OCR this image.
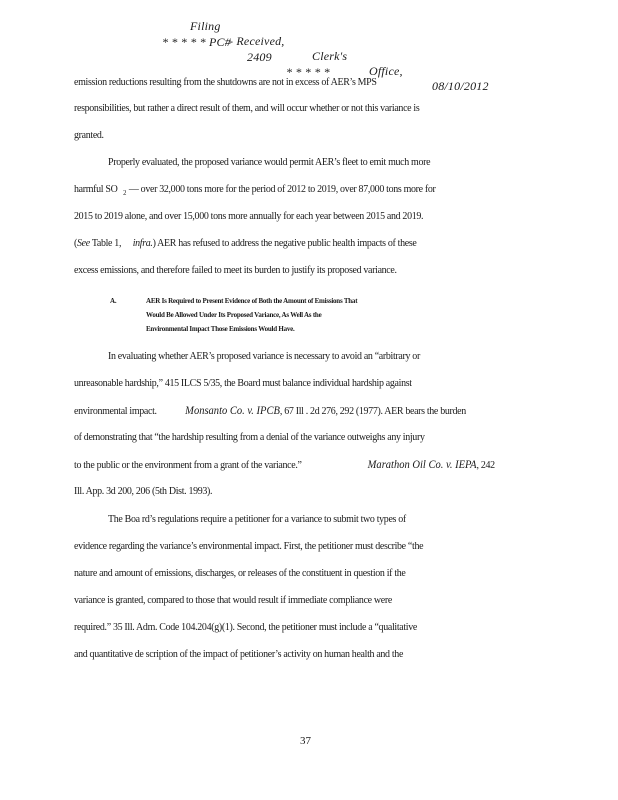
Filing

- Received,

Clerk's

Office,

08/10/2012

* * * * * PC#

2409

* * * * *

emission reductions resulting from the shutdowns are not in excess of AER’s MPS
responsibilities, but rather a direct result of them, and will occur whether or not this variance is
granted.
Properly evaluated, the proposed variance would permit AER’s fleet to emit much more
harmful SO $_2$ — over 32,000 tons more for the period of 2012 to 2019, over 87,000 tons more for
2015 to 2019 alone, and over 15,000 tons more annually for each year between 2015 and 2019.
(See Table 1, infra.) AER has refused to address the negative public health impacts of these
excess emissions, and therefore failed to meet its burden to justify its proposed variance.
A.	AER Is Required to Present Evidence of Both the Amount of Emissions That
Would Be Allowed Under Its Proposed Variance, As Well As the
Environmental Impact Those Emissions Would Have.
In evaluating whether AER’s proposed variance is necessary to avoid an “arbitrary or
unreasonable hardship,” 415 ILCS 5/35, the Board must balance individual hardship against
environmental impact.	Monsanto Co. v. IPCB, 67 Ill . 2d 276, 292 (1977). AER bears the burden
of demonstrating that “the hardship resulting from a denial of the variance outweighs any injury
to the public or the environment from a grant of the variance.”	Marathon Oil Co. v. IEPA, 242
Ill. App. 3d 200, 206 (5th Dist. 1993).
The Boa rd’s regulations require a petitioner for a variance to submit two types of
evidence regarding the variance’s environmental impact. First, the petitioner must describe “the
nature and amount of emissions, discharges, or releases of the constituent in question if the
variance is granted, compared to those that would result if immediate compliance were
required.” 35 Ill. Adm. Code 104.204(g)(1). Second, the petitioner must include a “qualitative
and quantitative de scription of the impact of petitioner’s activity on human health and the
37
